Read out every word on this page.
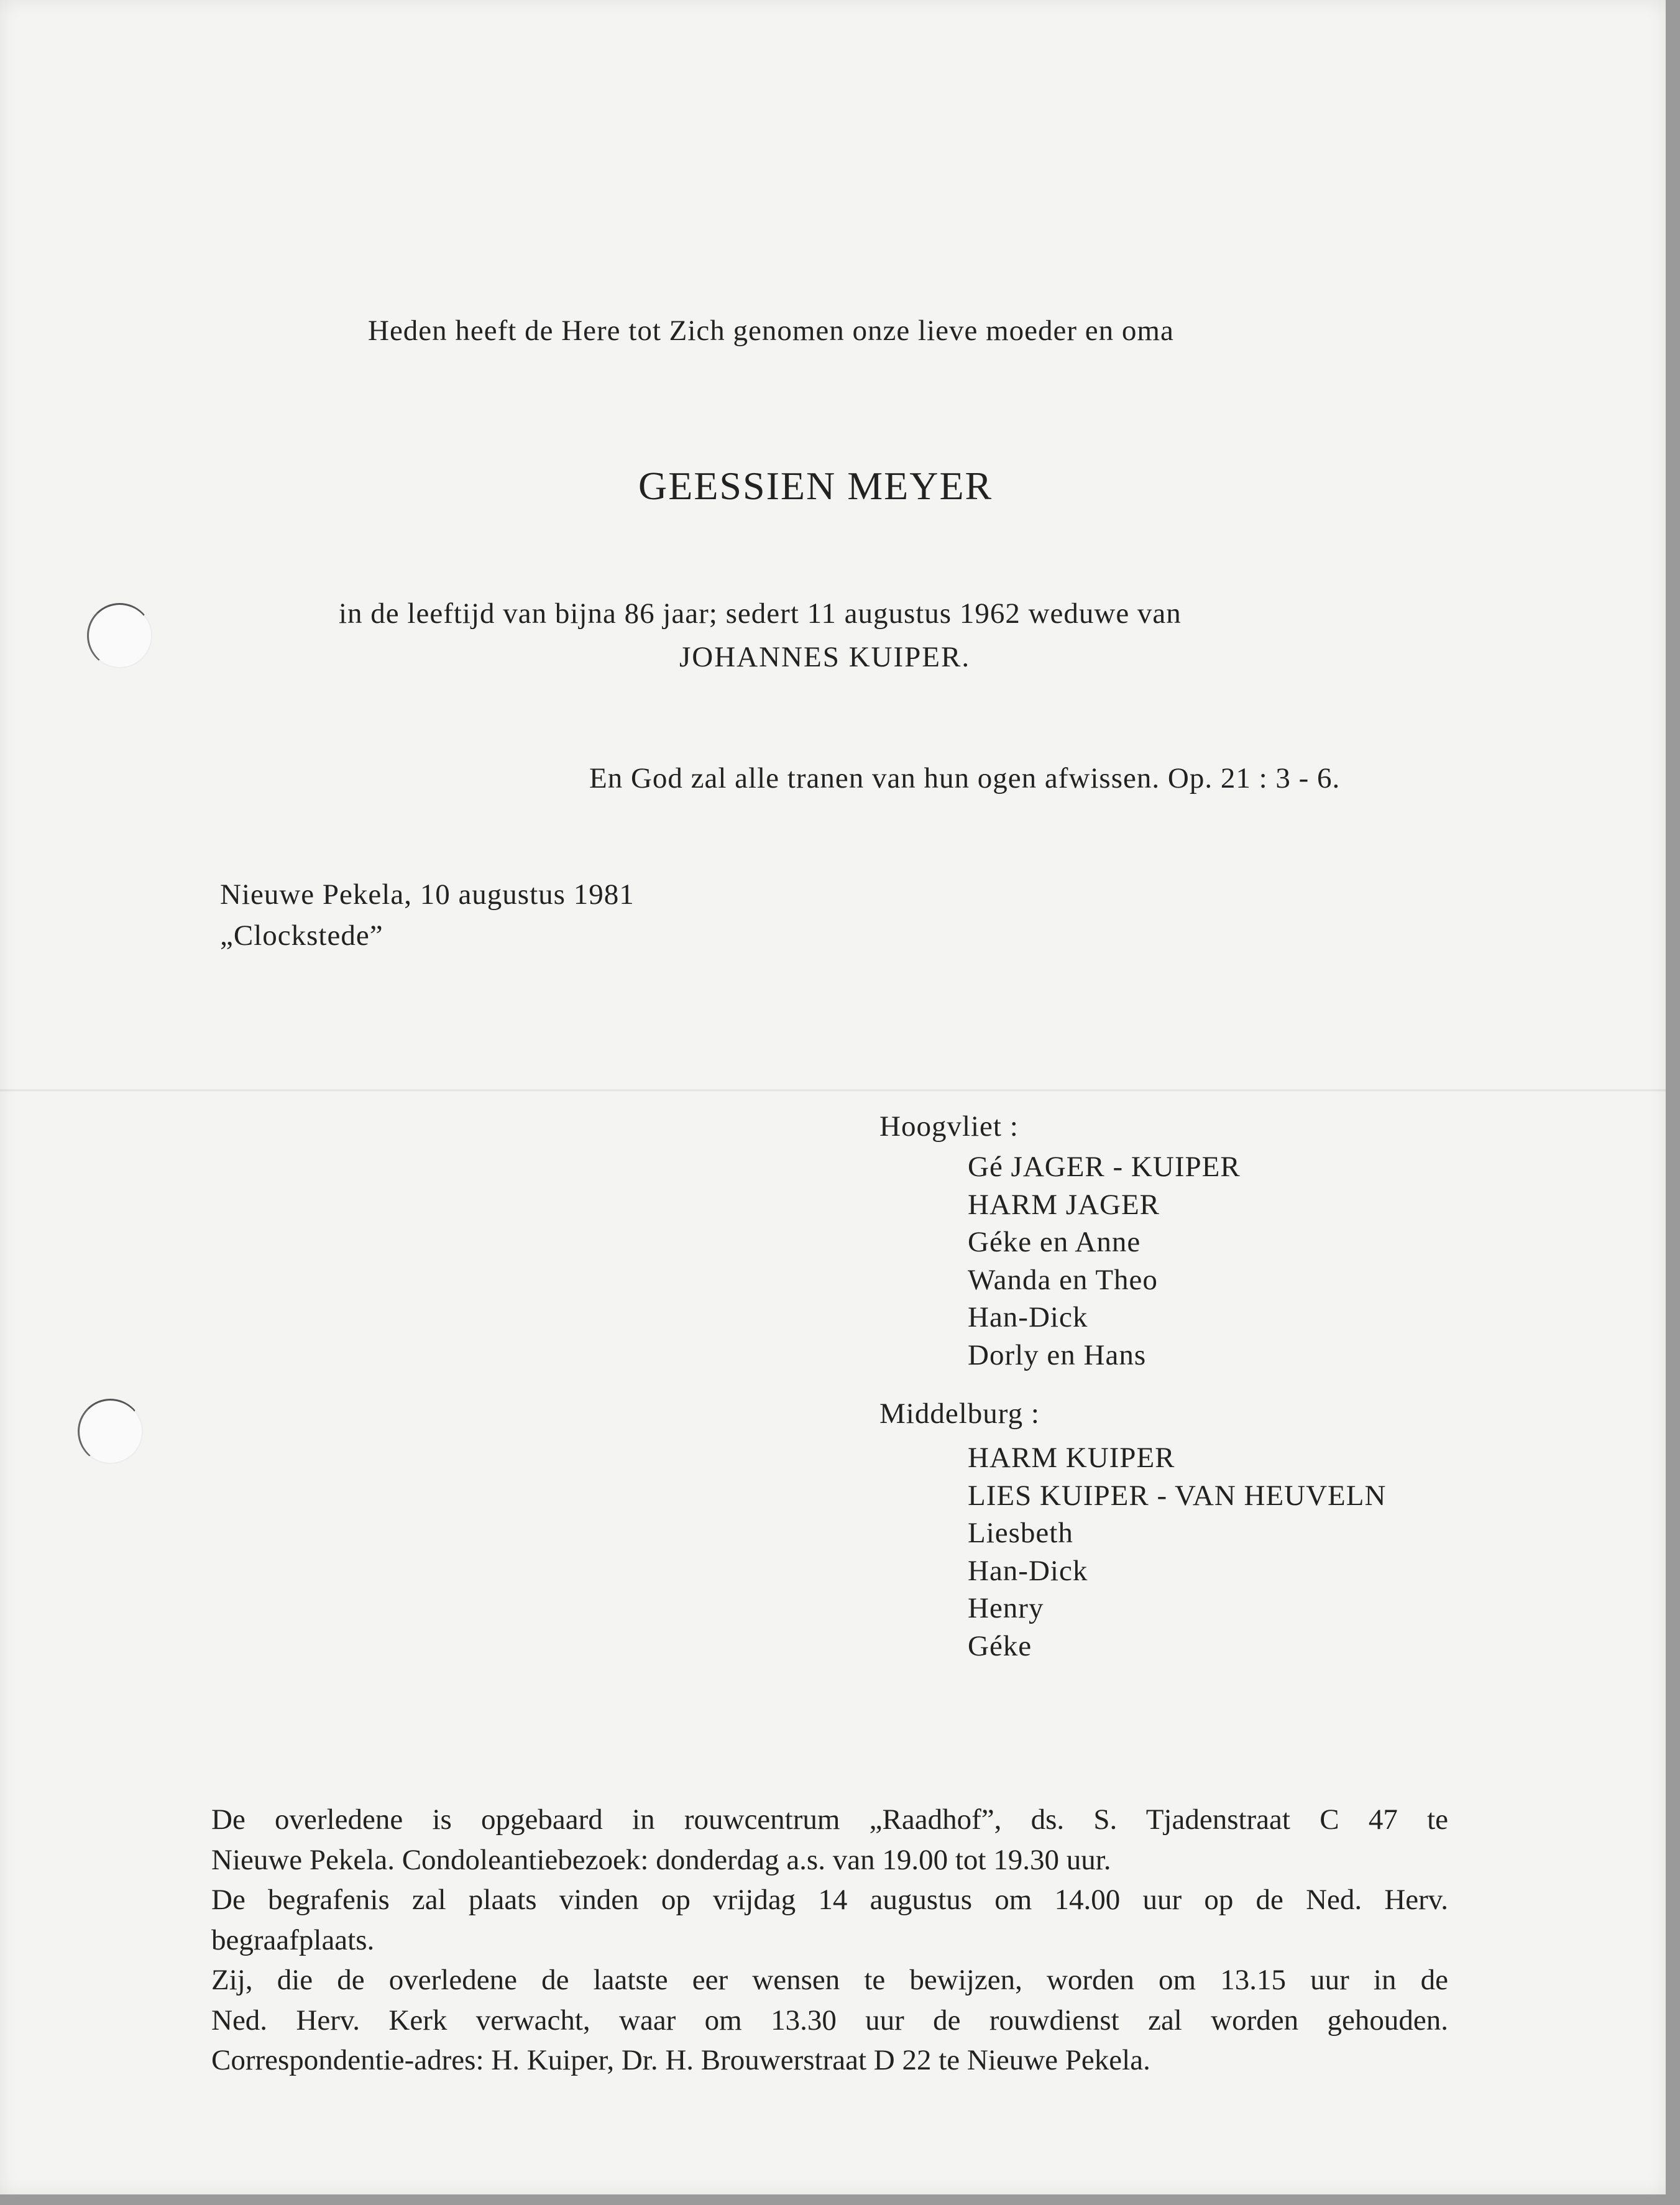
Heden heeft de Here tot Zich genomen onze lieve moeder en oma
GEESSIEN MEYER
in de leeftijd van bijna 86 jaar; sedert 11 augustus 1962 weduwe van
JOHANNES KUIPER.
En God zal alle tranen van hun ogen afwissen. Op. 21 : 3 - 6.
Nieuwe Pekela, 10 augustus 1981
„Clockstede”
Hoogvliet :
Gé JAGER - KUIPER
HARM JAGER
Géke en Anne
Wanda en Theo
Han-Dick
Dorly en Hans
Middelburg :
HARM KUIPER
LIES KUIPER - VAN HEUVELN
Liesbeth
Han-Dick
Henry
Géke
De overledene is opgebaard in rouwcentrum „Raadhof”, ds. S. Tjadenstraat C 47 te
Nieuwe Pekela. Condoleantiebezoek: donderdag a.s. van 19.00 tot 19.30 uur.
De begrafenis zal plaats vinden op vrijdag 14 augustus om 14.00 uur op de Ned. Herv.
begraafplaats.
Zij, die de overledene de laatste eer wensen te bewijzen, worden om 13.15 uur in de
Ned. Herv. Kerk verwacht, waar om 13.30 uur de rouwdienst zal worden gehouden.
Correspondentie-adres: H. Kuiper, Dr. H. Brouwerstraat D 22 te Nieuwe Pekela.
